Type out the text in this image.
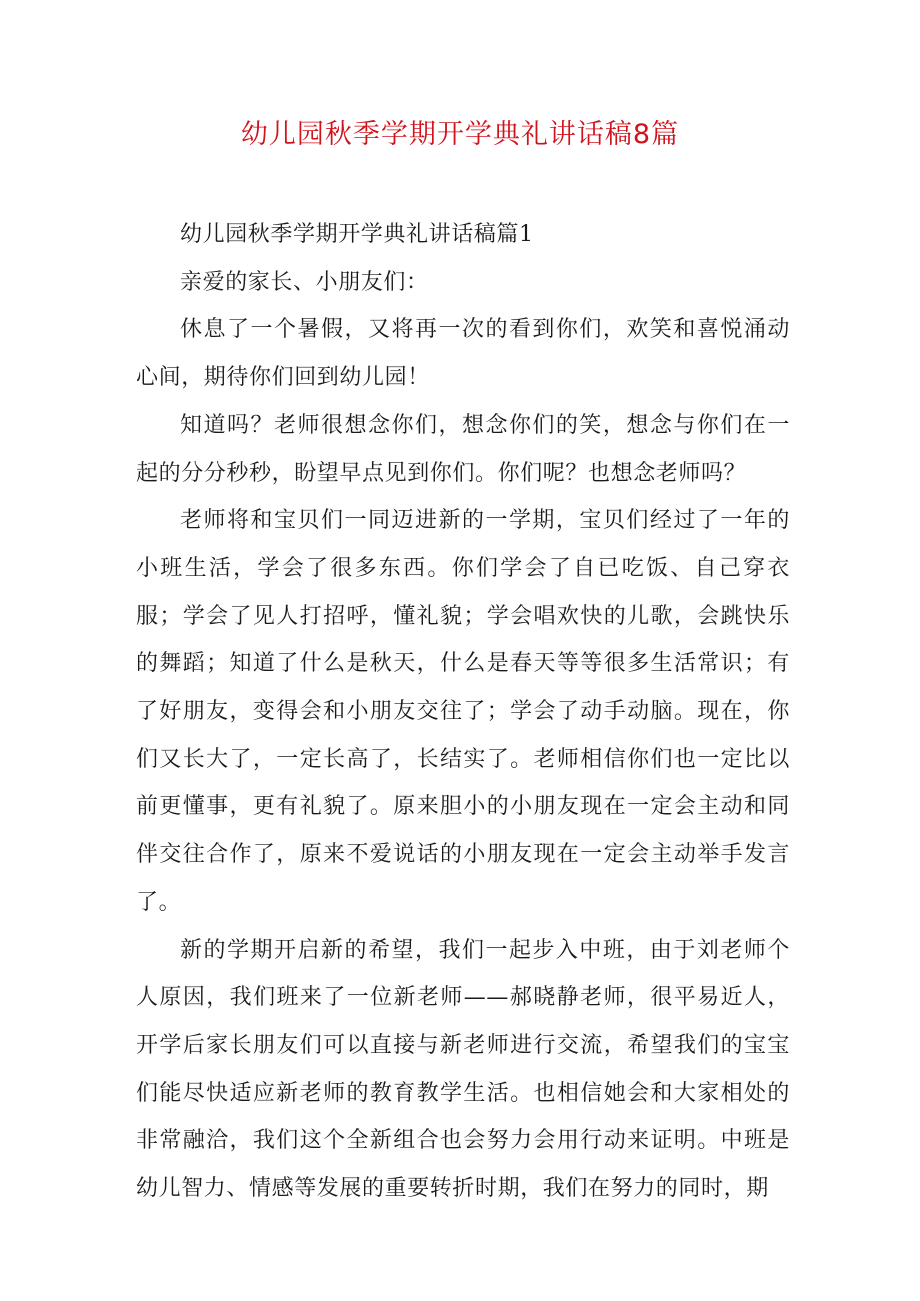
幼儿园秋季学期开学典礼讲话稿8篇

幼儿园秋季学期开学典礼讲话稿篇1

亲爱的家长、小朋友们：

休息了一个暑假，又将再一次的看到你们，欢笑和喜悦涌动心间，期待你们回到幼儿园！

知道吗？老师很想念你们，想念你们的笑，想念与你们在一起的分分秒秒，盼望早点见到你们。你们呢？也想念老师吗？

老师将和宝贝们一同迈进新的一学期，宝贝们经过了一年的小班生活，学会了很多东西。你们学会了自已吃饭、自己穿衣服；学会了见人打招呼，懂礼貌；学会唱欢快的儿歌，会跳快乐的舞蹈；知道了什么是秋天，什么是春天等等很多生活常识；有了好朋友，变得会和小朋友交往了；学会了动手动脑。现在，你们又长大了，一定长高了，长结实了。老师相信你们也一定比以前更懂事，更有礼貌了。原来胆小的小朋友现在一定会主动和同伴交往合作了，原来不爱说话的小朋友现在一定会主动举手发言了。

新的学期开启新的希望，我们一起步入中班，由于刘老师个人原因，我们班来了一位新老师——郝晓静老师，很平易近人，开学后家长朋友们可以直接与新老师进行交流，希望我们的宝宝们能尽快适应新老师的教育教学生活。也相信她会和大家相处的非常融洽，我们这个全新组合也会努力会用行动来证明。中班是幼儿智力、情感等发展的重要转折时期，我们在努力的同时，期
